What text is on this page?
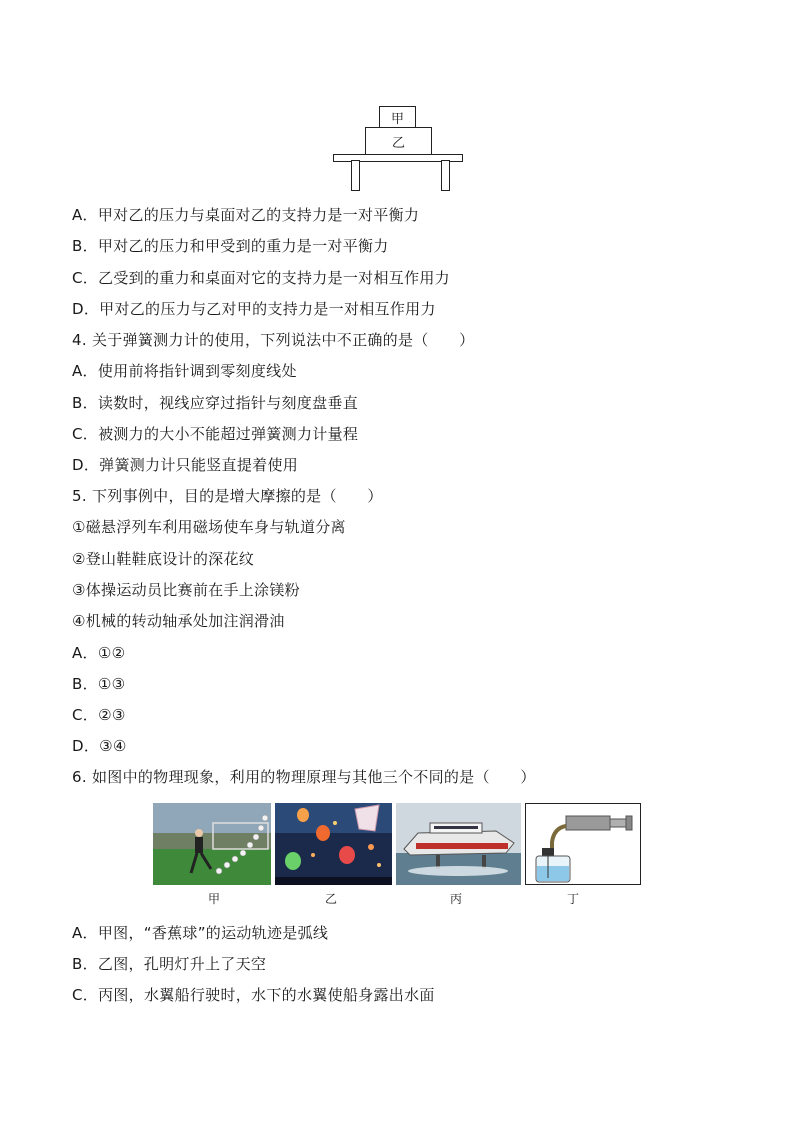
甲
乙
A．甲对乙的压力与桌面对乙的支持力是一对平衡力
B．甲对乙的压力和甲受到的重力是一对平衡力
C．乙受到的重力和桌面对它的支持力是一对相互作用力
D．甲对乙的压力与乙对甲的支持力是一对相互作用力
4. 关于弹簧测力计的使用，下列说法中不正确的是（　　）
A．使用前将指针调到零刻度线处
B．读数时，视线应穿过指针与刻度盘垂直
C．被测力的大小不能超过弹簧测力计量程
D．弹簧测力计只能竖直提着使用
5. 下列事例中，目的是增大摩擦的是（　　）
①磁悬浮列车利用磁场使车身与轨道分离
②登山鞋鞋底设计的深花纹
③体操运动员比赛前在手上涂镁粉
④机械的转动轴承处加注润滑油
A．①②
B．①③
C．②③
D．③④
6. 如图中的物理现象，利用的物理原理与其他三个不同的是（　　）
甲	乙	丙	丁
A．甲图，“香蕉球”的运动轨迹是弧线
B．乙图，孔明灯升上了天空
C．丙图，水翼船行驶时，水下的水翼使船身露出水面
